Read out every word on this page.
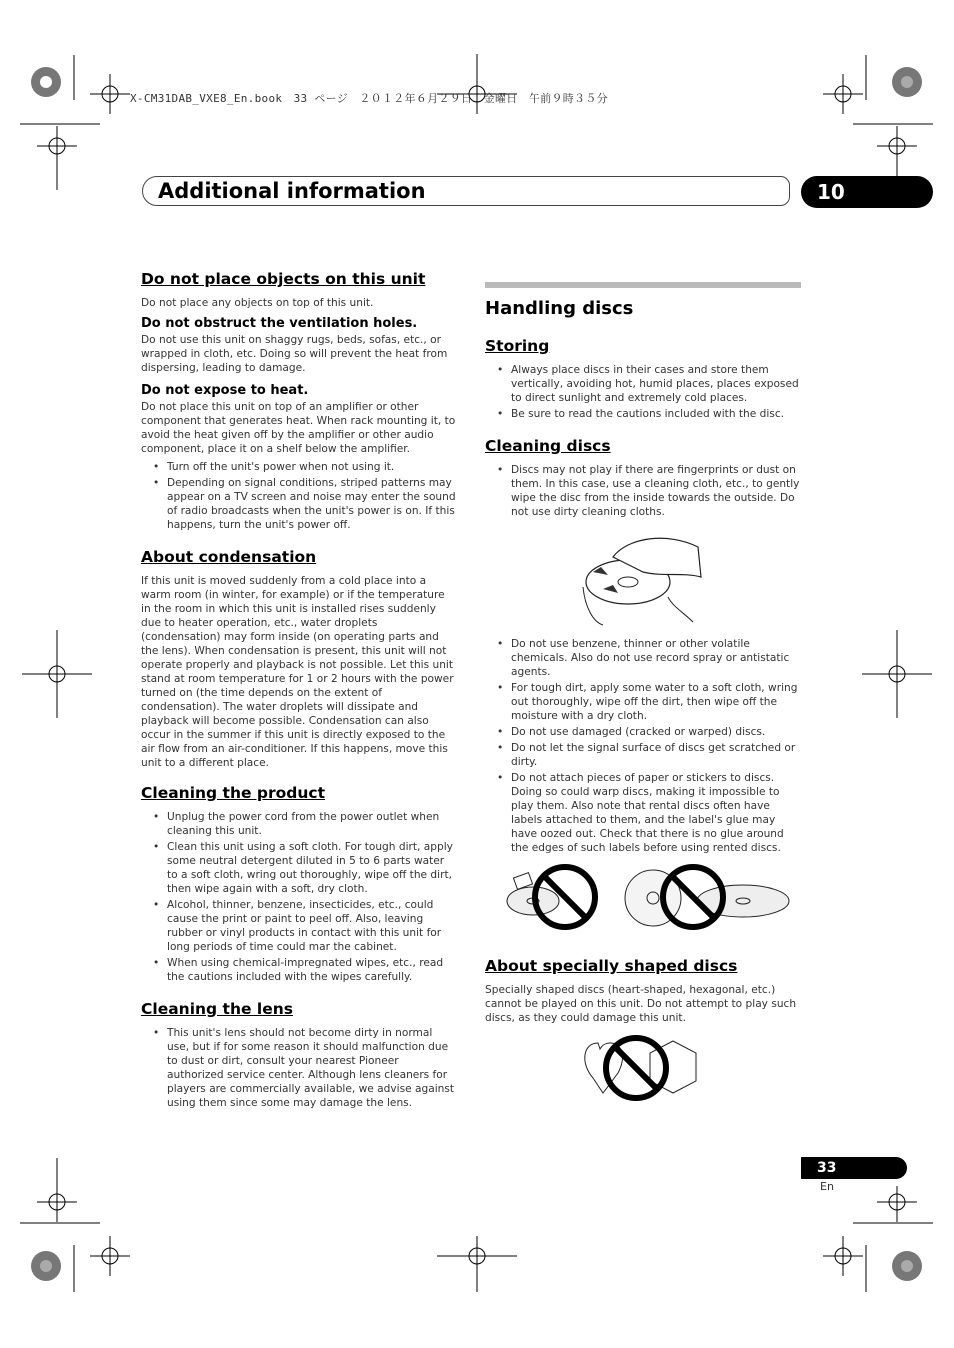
X-CM31DAB_VXE8_En.book　33 ページ　２０１２年６月２９日　金曜日　午前９時３５分
Additional information	10
Do not place objects on this unit

Do not place any objects on top of this unit.

Do not obstruct the ventilation holes.

Do not use this unit on shaggy rugs, beds, sofas, etc., or wrapped in cloth, etc. Doing so will prevent the heat from dispersing, leading to damage.

Do not expose to heat.

Do not place this unit on top of an amplifier or other component that generates heat. When rack mounting it, to avoid the heat given off by the amplifier or other audio component, place it on a shelf below the amplifier.

• Turn off the unit's power when not using it.
• Depending on signal conditions, striped patterns may appear on a TV screen and noise may enter the sound of radio broadcasts when the unit's power is on. If this happens, turn the unit's power off.
About condensation

If this unit is moved suddenly from a cold place into a warm room (in winter, for example) or if the temperature in the room in which this unit is installed rises suddenly due to heater operation, etc., water droplets (condensation) may form inside (on operating parts and the lens). When condensation is present, this unit will not operate properly and playback is not possible. Let this unit stand at room temperature for 1 or 2 hours with the power turned on (the time depends on the extent of condensation). The water droplets will dissipate and playback will become possible. Condensation can also occur in the summer if this unit is directly exposed to the air flow from an air-conditioner. If this happens, move this unit to a different place.

Cleaning the product
• Unplug the power cord from the power outlet when cleaning this unit.
• Clean this unit using a soft cloth. For tough dirt, apply some neutral detergent diluted in 5 to 6 parts water to a soft cloth, wring out thoroughly, wipe off the dirt, then wipe again with a soft, dry cloth.
• Alcohol, thinner, benzene, insecticides, etc., could cause the print or paint to peel off. Also, leaving rubber or vinyl products in contact with this unit for long periods of time could mar the cabinet.
• When using chemical-impregnated wipes, etc., read the cautions included with the wipes carefully.
Cleaning the lens
• This unit's lens should not become dirty in normal use, but if for some reason it should malfunction due to dust or dirt, consult your nearest Pioneer authorized service center. Although lens cleaners for players are commercially available, we advise against using them since some may damage the lens.
Handling discs
Storing
• Always place discs in their cases and store them vertically, avoiding hot, humid places, places exposed to direct sunlight and extremely cold places.
• Be sure to read the cautions included with the disc.
Cleaning discs
• Discs may not play if there are fingerprints or dust on them. In this case, use a cleaning cloth, etc., to gently wipe the disc from the inside towards the outside. Do not use dirty cleaning cloths.
• Do not use benzene, thinner or other volatile chemicals. Also do not use record spray or antistatic agents.
• For tough dirt, apply some water to a soft cloth, wring out thoroughly, wipe off the dirt, then wipe off the moisture with a dry cloth.
• Do not use damaged (cracked or warped) discs.
• Do not let the signal surface of discs get scratched or dirty.
• Do not attach pieces of paper or stickers to discs. Doing so could warp discs, making it impossible to play them. Also note that rental discs often have labels attached to them, and the label's glue may have oozed out. Check that there is no glue around the edges of such labels before using rented discs.
About specially shaped discs

Specially shaped discs (heart-shaped, hexagonal, etc.) cannot be played on this unit. Do not attempt to play such discs, as they could damage this unit.

33
En
